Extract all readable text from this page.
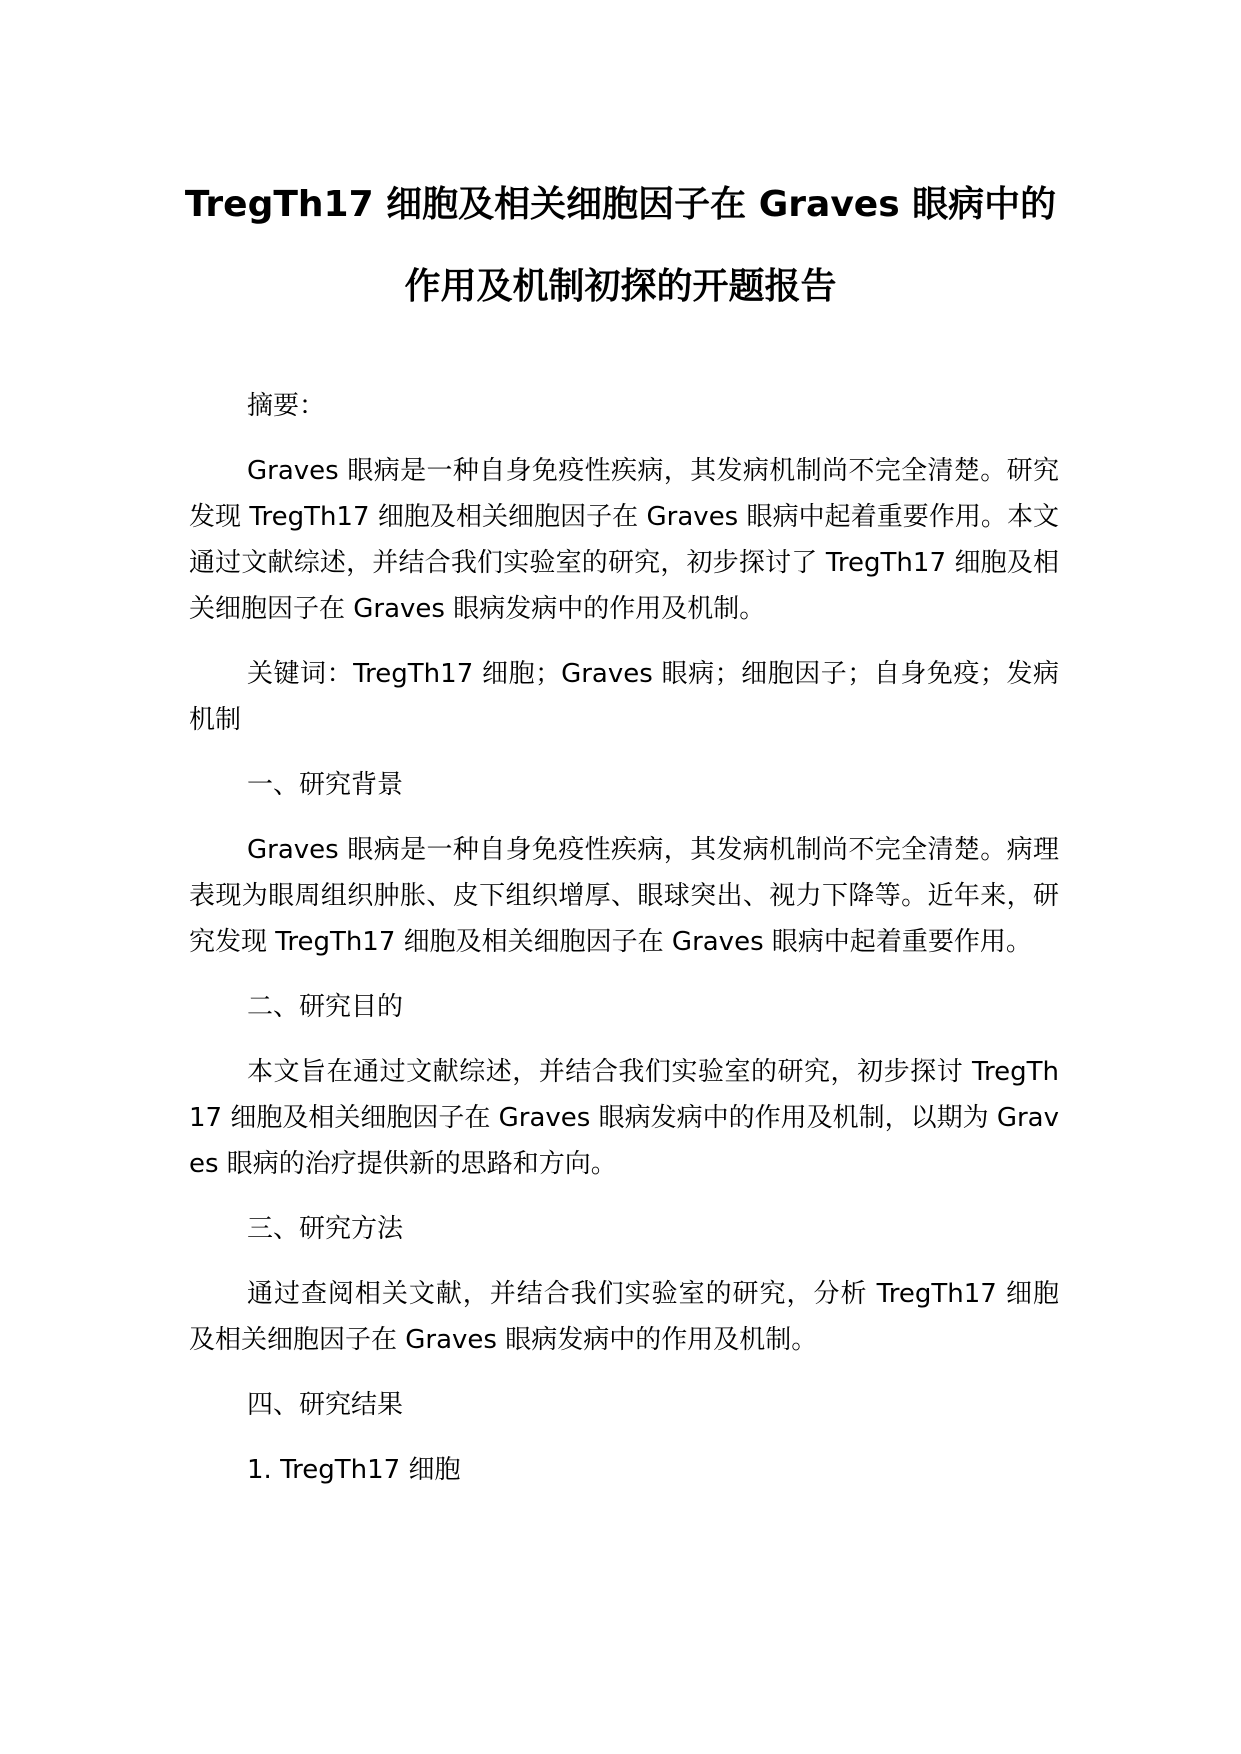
TregTh17 细胞及相关细胞因子在 Graves 眼病中的
作用及机制初探的开题报告

摘要：

Graves 眼病是一种自身免疫性疾病，其发病机制尚不完全清楚。研究发现 TregTh17 细胞及相关细胞因子在 Graves 眼病中起着重要作用。本文通过文献综述，并结合我们实验室的研究，初步探讨了 TregTh17 细胞及相关细胞因子在 Graves 眼病发病中的作用及机制。

关键词：TregTh17 细胞；Graves 眼病；细胞因子；自身免疫；发病机制

一、研究背景

Graves 眼病是一种自身免疫性疾病，其发病机制尚不完全清楚。病理表现为眼周组织肿胀、皮下组织增厚、眼球突出、视力下降等。近年来，研究发现 TregTh17 细胞及相关细胞因子在 Graves 眼病中起着重要作用。

二、研究目的

本文旨在通过文献综述，并结合我们实验室的研究，初步探讨 TregTh17 细胞及相关细胞因子在 Graves 眼病发病中的作用及机制，以期为 Graves 眼病的治疗提供新的思路和方向。

三、研究方法

通过查阅相关文献，并结合我们实验室的研究，分析 TregTh17 细胞及相关细胞因子在 Graves 眼病发病中的作用及机制。

四、研究结果

1. TregTh17 细胞
